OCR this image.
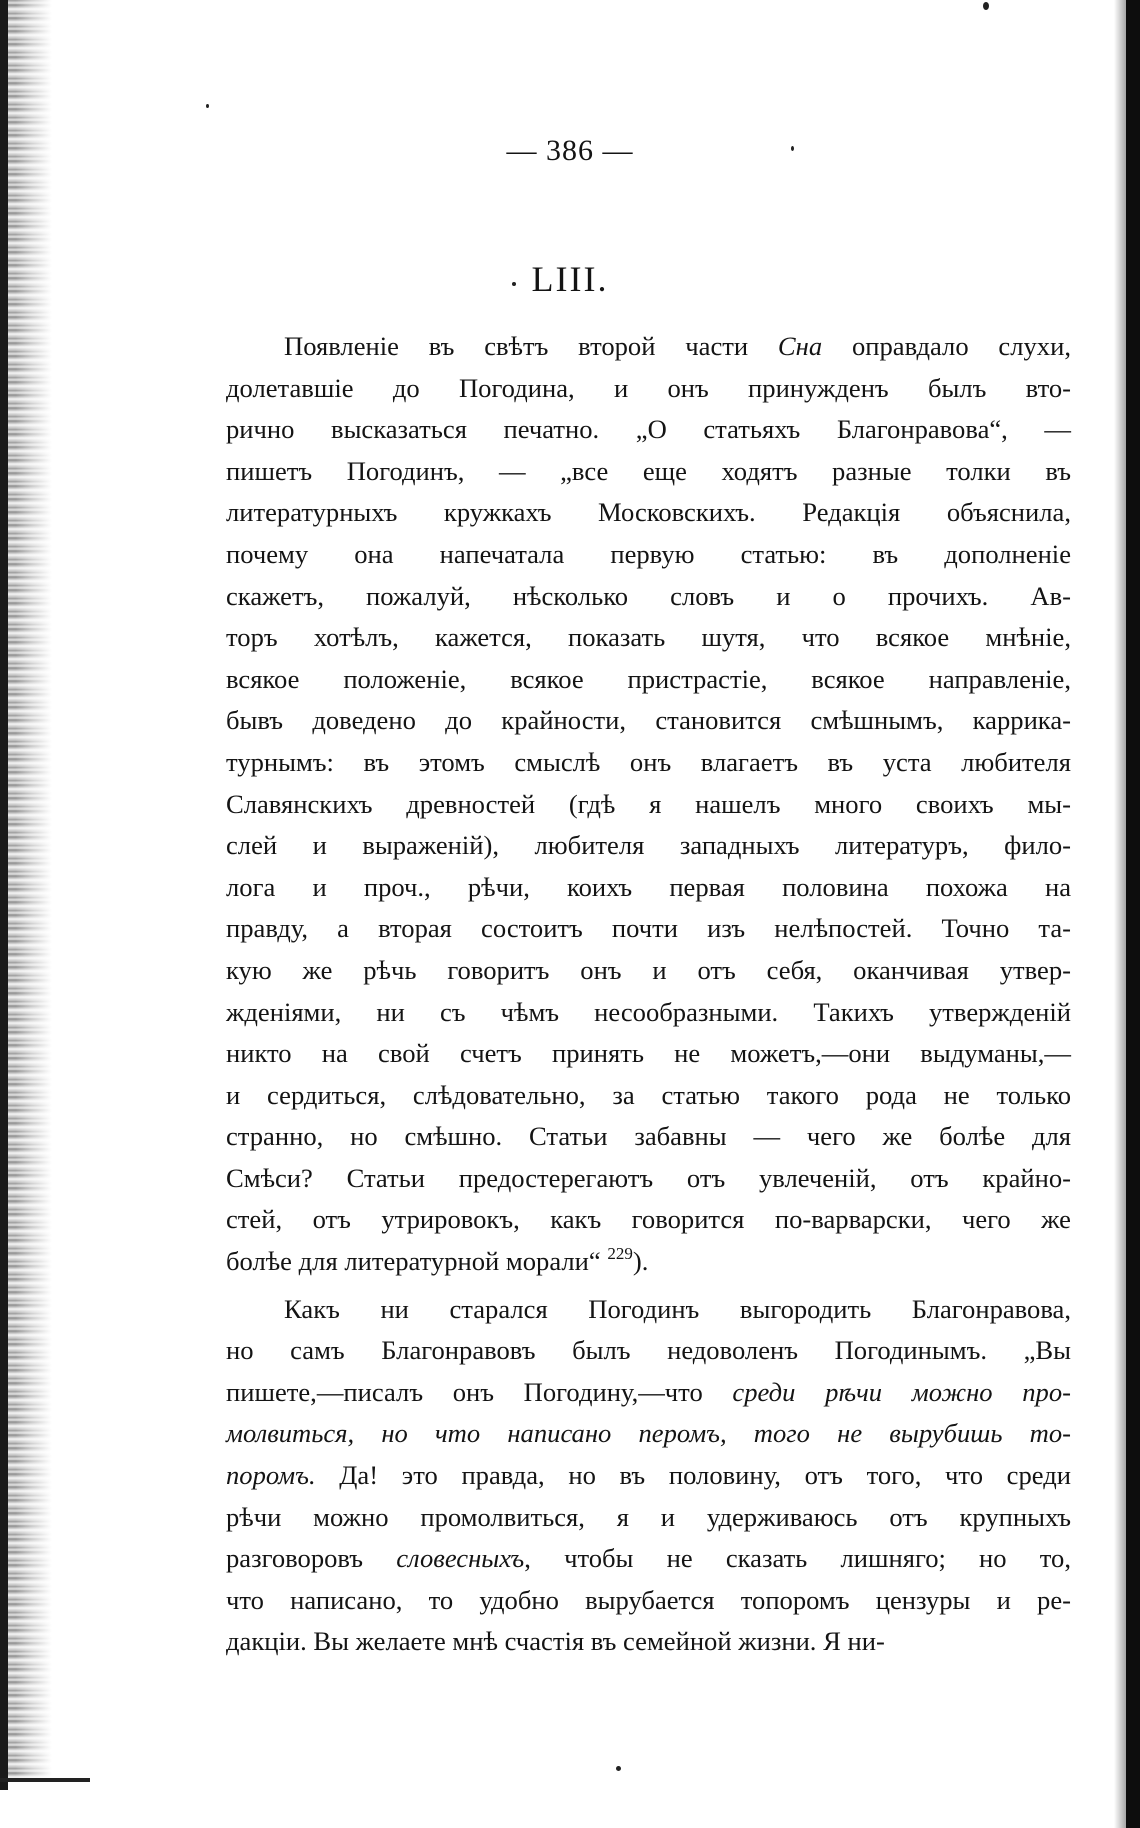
— 386 —
LIII.
Появленіе въ свѣтъ второй части Сна оправдало слухи,
долетавшіе до Погодина, и онъ принужденъ былъ вто-
рично высказаться печатно. „О статьяхъ Благонравова“, —
пишетъ Погодинъ, — „все еще ходятъ разные толки въ
литературныхъ кружкахъ Московскихъ. Редакція объяснила,
почему она напечатала первую статью: въ дополненіе
скажетъ, пожалуй, нѣсколько словъ и о прочихъ. Ав-
торъ хотѣлъ, кажется, показать шутя, что всякое мнѣніе,
всякое положеніе, всякое пристрастіе, всякое направленіе,
бывъ доведено до крайности, становится смѣшнымъ, каррика-
турнымъ: въ этомъ смыслѣ онъ влагаетъ въ уста любителя
Славянскихъ древностей (гдѣ я нашелъ много своихъ мы-
слей и выраженій), любителя западныхъ литературъ, фило-
лога и проч., рѣчи, коихъ первая половина похожа на
правду, а вторая состоитъ почти изъ нелѣпостей. Точно та-
кую же рѣчь говоритъ онъ и отъ себя, оканчивая утвер-
жденіями, ни съ чѣмъ несообразными. Такихъ утвержденій
никто на свой счетъ принять не можетъ,—они выдуманы,—
и сердиться, слѣдовательно, за статью такого рода не только
странно, но смѣшно. Статьи забавны — чего же болѣе для
Смѣси? Статьи предостерегаютъ отъ увлеченій, отъ крайно-
стей, отъ утрировокъ, какъ говорится по-варварски, чего же
болѣе для литературной морали“ $^{229}$).
Какъ ни старался Погодинъ выгородить Благонравова,
но самъ Благонравовъ былъ недоволенъ Погодинымъ. „Вы
пишете,—писалъ онъ Погодину,—что среди рѣчи можно про-
молвиться, но что написано перомъ, того не вырубишь то-
поромъ. Да! это правда, но въ половину, отъ того, что среди
рѣчи можно промолвиться, я и удерживаюсь отъ крупныхъ
разговоровъ словесныхъ, чтобы не сказать лишняго; но то,
что написано, то удобно вырубается топоромъ цензуры и ре-
дакціи. Вы желаете мнѣ счастія въ семейной жизни. Я ни-
